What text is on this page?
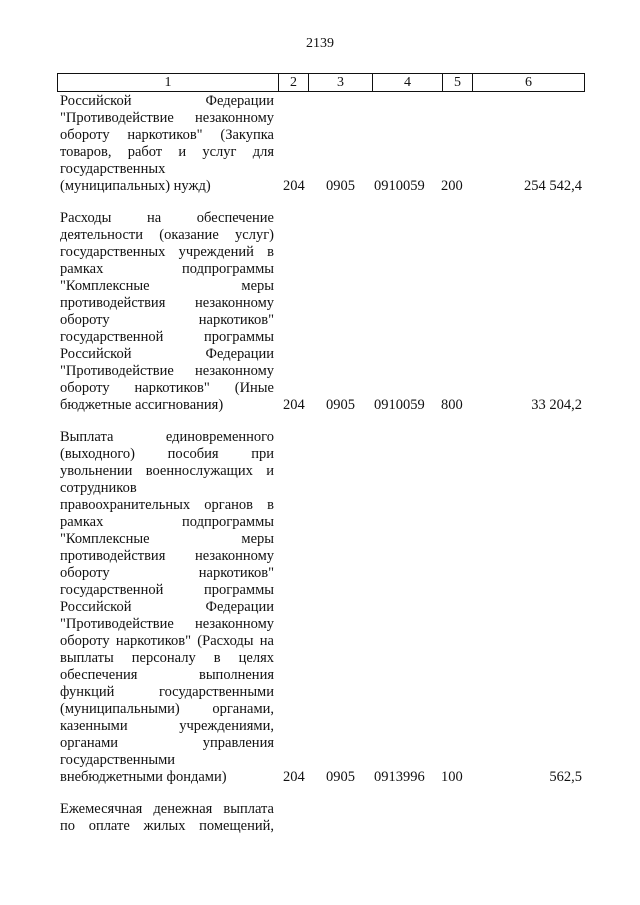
2139
1	2	3	4	5	6
Российской	Федерации
"Противодействие незаконному
обороту наркотиков" (Закупка
товаров, работ и услуг для
государственных
(муниципальных) нужд)	204 0905 0910059 200	254 542,4
Расходы на обеспечение
деятельности (оказание услуг)
государственных учреждений в
рамках	подпрограммы
"Комплексные	меры
противодействия незаконному
обороту	наркотиков"
государственной	программы
Российской	Федерации
"Противодействие незаконному
обороту наркотиков" (Иные
бюджетные ассигнования)	204 0905 0910059 800	33 204,2
Выплата	единовременного
(выходного) пособия при
увольнении военнослужащих и
сотрудников
правоохранительных органов в
рамках	подпрограммы
"Комплексные	меры
противодействия незаконному
обороту	наркотиков"
государственной	программы
Российской	Федерации
"Противодействие незаконному
обороту наркотиков" (Расходы на
выплаты персоналу в целях
обеспечения	выполнения
функций	государственными
(муниципальными) органами,
казенными	учреждениями,
органами	управления
государственными
внебюджетными фондами)	204 0905 0913996 100	562,5
Ежемесячная денежная выплата
по оплате жилых помещений,
